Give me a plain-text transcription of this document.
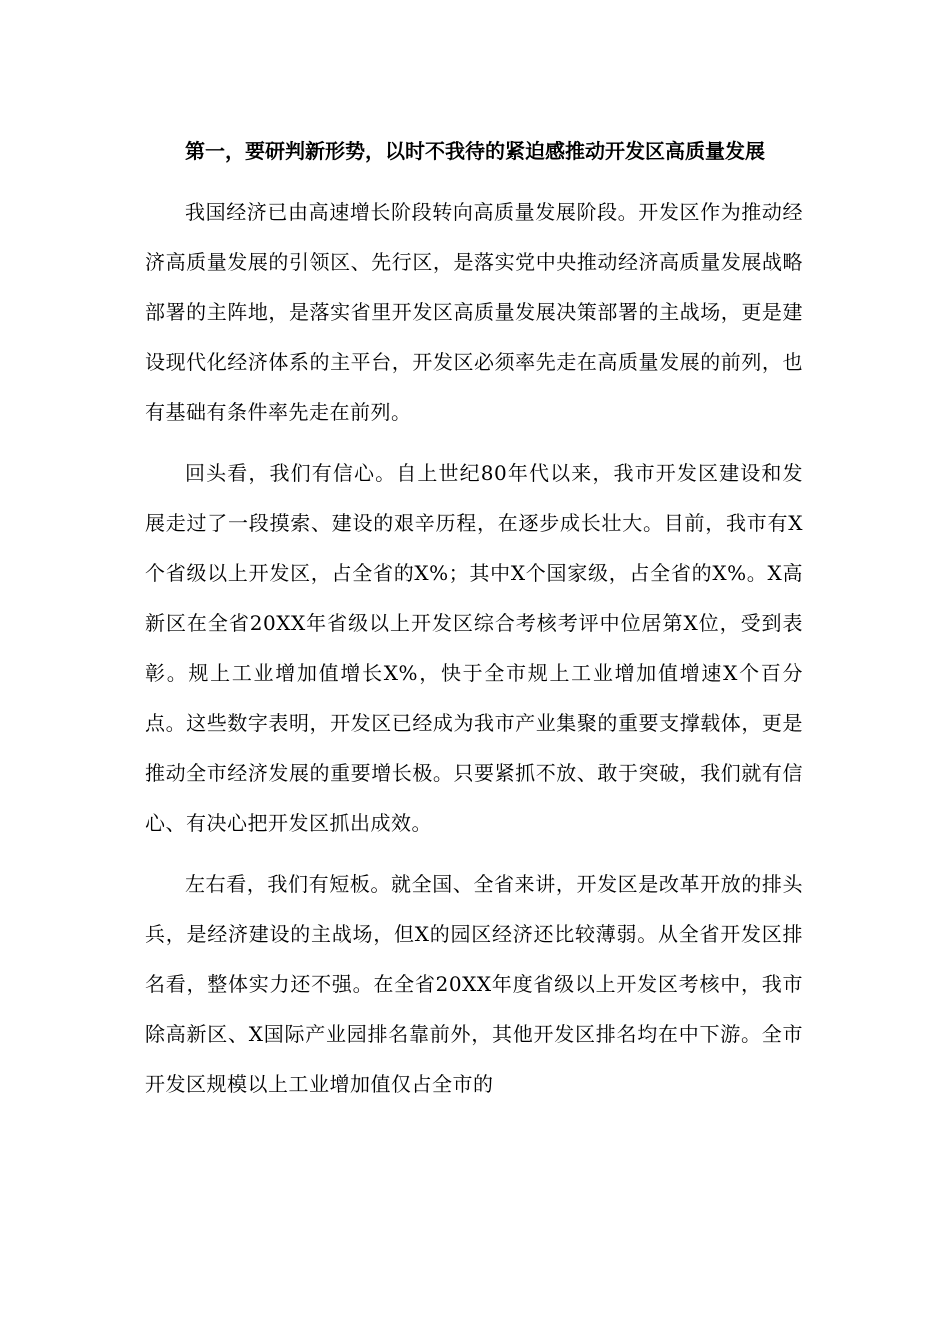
第一，要研判新形势，以时不我待的紧迫感推动开发区高质量发展

我国经济已由高速增长阶段转向高质量发展阶段。开发区作为推动经济高质量发展的引领区、先行区，是落实党中央推动经济高质量发展战略部署的主阵地，是落实省里开发区高质量发展决策部署的主战场，更是建设现代化经济体系的主平台，开发区必须率先走在高质量发展的前列，也有基础有条件率先走在前列。

回头看，我们有信心。自上世纪80年代以来，我市开发区建设和发展走过了一段摸索、建设的艰辛历程，在逐步成长壮大。目前，我市有X个省级以上开发区，占全省的X%；其中X个国家级，占全省的X%。X高新区在全省20XX年省级以上开发区综合考核考评中位居第X位，受到表彰。规上工业增加值增长X%，快于全市规上工业增加值增速X个百分点。这些数字表明，开发区已经成为我市产业集聚的重要支撑载体，更是推动全市经济发展的重要增长极。只要紧抓不放、敢于突破，我们就有信心、有决心把开发区抓出成效。

左右看，我们有短板。就全国、全省来讲，开发区是改革开放的排头兵，是经济建设的主战场，但X的园区经济还比较薄弱。从全省开发区排名看，整体实力还不强。在全省20XX年度省级以上开发区考核中，我市除高新区、X国际产业园排名靠前外，其他开发区排名均在中下游。全市开发区规模以上工业增加值仅占全市的
